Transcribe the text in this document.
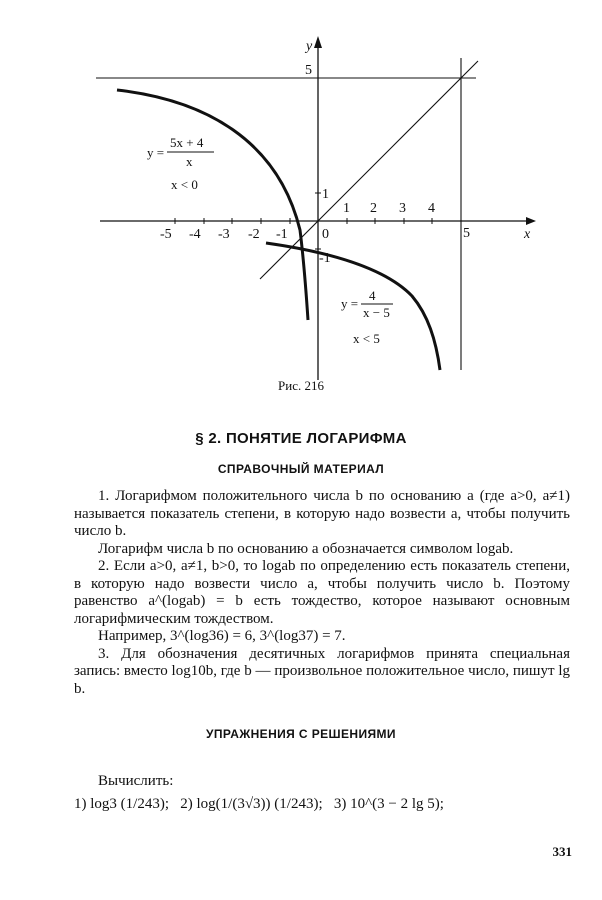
y
x
-5 -4 -3 -2 -1 0
1 2 3 4
5
5
1
-1
y =
5x + 4
x
x < 0
y =
4
x − 5
x < 5
Рис. 216
§ 2. ПОНЯТИЕ ЛОГАРИФМА
СПРАВОЧНЫЙ МАТЕРИАЛ

1. Логарифмом положительного числа b по основанию a (где a>0, a≠1) называется показатель степени, в которую надо возвести a, чтобы получить число b.

Логарифм числа b по основанию a обозначается символом logab.

2. Если a>0, a≠1, b>0, то logab по определению есть показатель степени, в которую надо возвести число a, чтобы получить число b. Поэтому равенство a^(logab) = b есть тождество, которое называют основным логарифмическим тождеством.

Например, 3^(log36) = 6, 3^(log37) = 7.

3. Для обозначения десятичных логарифмов принята специальная запись: вместо log10b, где b — произвольное положительное число, пишут lg b.

УПРАЖНЕНИЯ С РЕШЕНИЯМИ
Вычислить:
1) log3 (1/243); 2) log(1/(3√3)) (1/243); 3) 10^(3 − 2 lg 5);
331
